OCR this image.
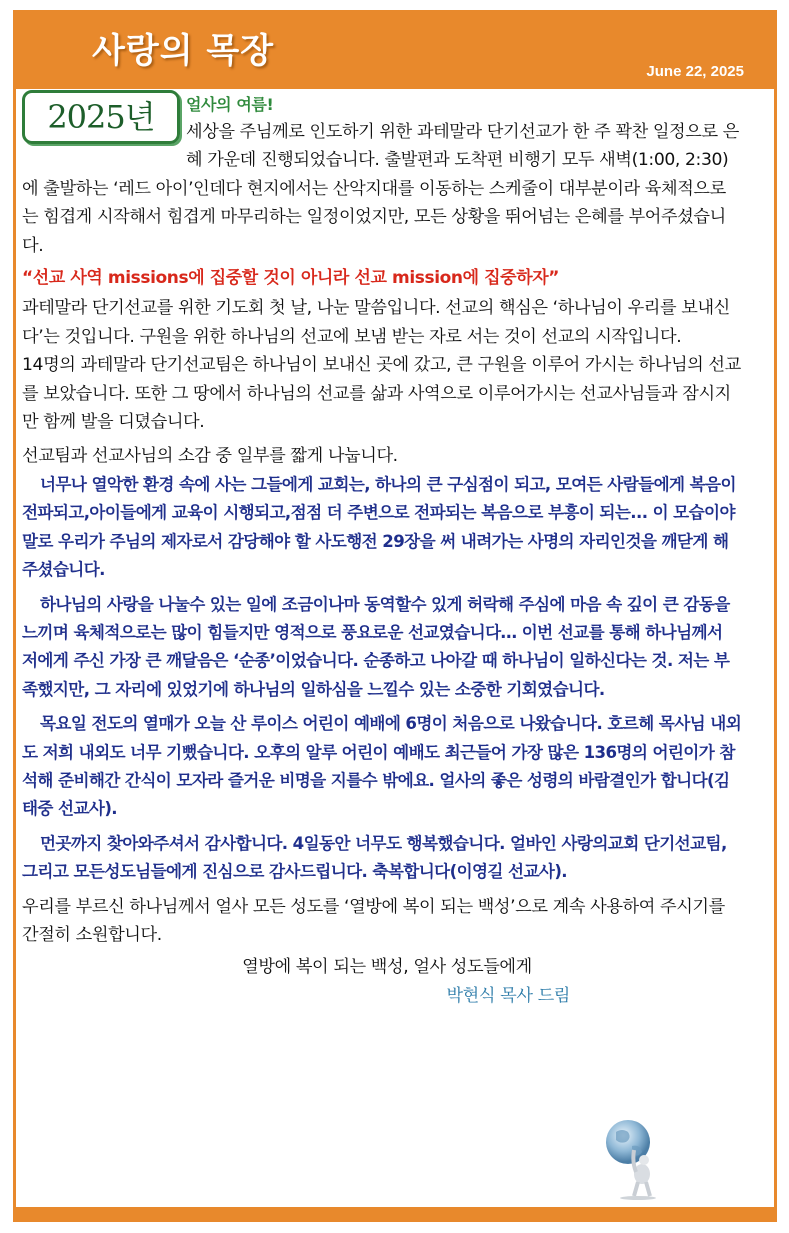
사랑의 목장
June 22, 2025
2025년	얼사의 여름!

세상을 주님께로 인도하기 위한 과테말라 단기선교가 한 주 꽉찬 일정으로 은혜 가운데 진행되었습니다. 출발편과 도착편 비행기 모두 새벽(1:00, 2:30)에 출발하는 ‘레드 아이’인데다 현지에서는 산악지대를 이동하는 스케줄이 대부분이라 육체적으로는 힘겹게 시작해서 힘겹게 마무리하는 일정이었지만, 모든 상황을 뛰어넘는 은혜를 부어주셨습니다.

“선교 사역 missions에 집중할 것이 아니라 선교 mission에 집중하자”

과테말라 단기선교를 위한 기도회 첫 날, 나눈 말씀입니다. 선교의 핵심은 ‘하나님이 우리를 보내신다’는 것입니다. 구원을 위한 하나님의 선교에 보냄 받는 자로 서는 것이 선교의 시작입니다.

14명의 과테말라 단기선교팀은 하나님이 보내신 곳에 갔고, 큰 구원을 이루어 가시는 하나님의 선교를 보았습니다. 또한 그 땅에서 하나님의 선교를 삶과 사역으로 이루어가시는 선교사님들과 잠시지만 함께 발을 디뎠습니다.

선교팀과 선교사님의 소감 중 일부를 짧게 나눕니다.

너무나 열악한 환경 속에 사는 그들에게 교회는, 하나의 큰 구심점이 되고, 모여든 사람들에게 복음이 전파되고,아이들에게 교육이 시행되고,점점 더 주변으로 전파되는 복음으로 부흥이 되는... 이 모습이야말로 우리가 주님의 제자로서 감당해야 할 사도행전 29장을 써 내려가는 사명의 자리인것을 깨닫게 해 주셨습니다.

하나님의 사랑을 나눌수 있는 일에 조금이나마 동역할수 있게 허락해 주심에 마음 속 깊이 큰 감동을 느끼며 육체적으로는 많이 힘들지만 영적으로 풍요로운 선교였습니다… 이번 선교를 통해 하나님께서 저에게 주신 가장 큰 깨달음은 ‘순종’이었습니다. 순종하고 나아갈 때 하나님이 일하신다는 것. 저는 부족했지만, 그 자리에 있었기에 하나님의 일하심을 느낄수 있는 소중한 기회였습니다.

목요일 전도의 열매가 오늘 산 루이스 어린이 예배에 6명이 처음으로 나왔습니다. 호르헤 목사님 내외도 저희 내외도 너무 기뻤습니다. 오후의 알루 어린이 예배도 최근들어 가장 많은 136명의 어린이가 참석해 준비해간 간식이 모자라 즐거운 비명을 지를수 밖에요. 얼사의 좋은 성령의 바람결인가 합니다(김태중 선교사).

먼곳까지 찾아와주셔서 감사합니다. 4일동안 너무도 행복했습니다. 얼바인 사랑의교회 단기선교팀, 그리고 모든성도님들에게 진심으로 감사드립니다. 축복합니다(이영길 선교사).

우리를 부르신 하나님께서 얼사 모든 성도를 ‘열방에 복이 되는 백성’으로 계속 사용하여 주시기를 간절히 소원합니다.

열방에 복이 되는 백성, 얼사 성도들에게

박현식 목사 드림
